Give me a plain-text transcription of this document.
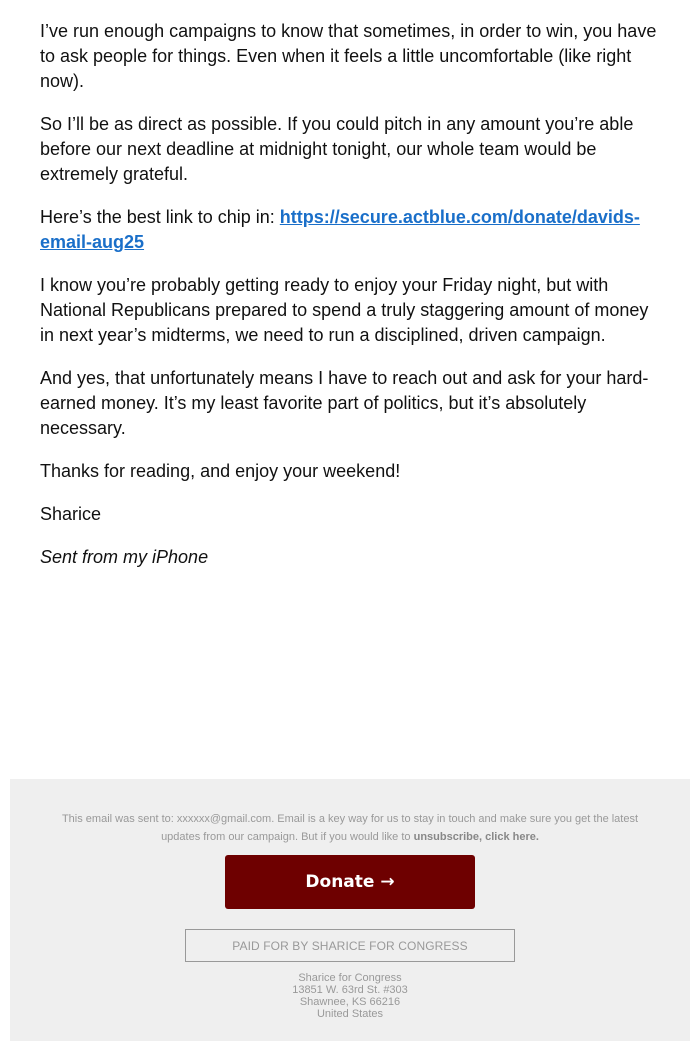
I’ve run enough campaigns to know that sometimes, in order to win, you have to ask people for things. Even when it feels a little uncomfortable (like right now).

So I’ll be as direct as possible. If you could pitch in any amount you’re able before our next deadline at midnight tonight, our whole team would be extremely grateful.

Here’s the best link to chip in: https://secure.actblue.com/donate/davids-email-aug25

I know you’re probably getting ready to enjoy your Friday night, but with National Republicans prepared to spend a truly staggering amount of money in next year’s midterms, we need to run a disciplined, driven campaign.

And yes, that unfortunately means I have to reach out and ask for your hard-earned money. It’s my least favorite part of politics, but it’s absolutely necessary.

Thanks for reading, and enjoy your weekend!

Sharice

Sent from my iPhone

This email was sent to: xxxxxx@gmail.com. Email is a key way for us to stay in touch and make sure you get the latest updates from our campaign. But if you would like to unsubscribe, click here.
Donate →
PAID FOR BY SHARICE FOR CONGRESS
Sharice for Congress
13851 W. 63rd St. #303
Shawnee, KS 66216
United States
